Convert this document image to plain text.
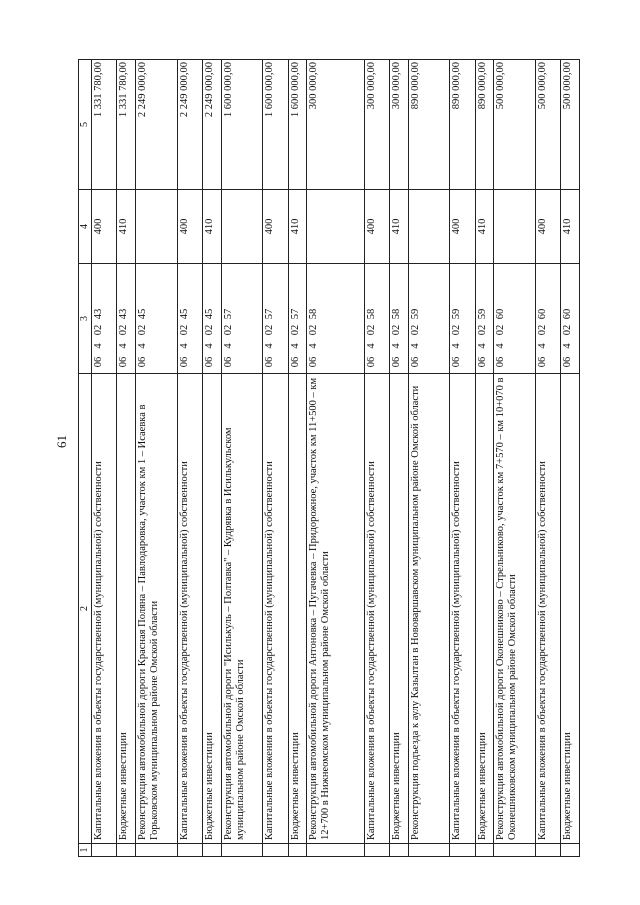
61
1	2	3	4	5
	Капитальные вложения в объекты государственной (муниципальной) собственности	0640243	400	1 331 780,00
	Бюджетные инвестиции	0640243	410	1 331 780,00
	Реконструкция автомобильной дороги Красная Поляна – Павлодаровка, участок км 1 – Исаевка в Горьковском муниципальном районе Омской области	0640245		2 249 000,00
	Капитальные вложения в объекты государственной (муниципальной) собственности	0640245	400	2 249 000,00
	Бюджетные инвестиции	0640245	410	2 249 000,00
	Реконструкция автомобильной дороги "Исилькуль – Полтавка" – Кудрявка в Исилькульском муниципальном районе Омской области	0640257		1 600 000,00
	Капитальные вложения в объекты государственной (муниципальной) собственности	0640257	400	1 600 000,00
	Бюджетные инвестиции	0640257	410	1 600 000,00
	Реконструкция автомобильной дороги Антоновка – Пугачевка – Придорожное, участок км 11+500 – км 12+700 в Нижнеомском муниципальном районе Омской области	0640258		300 000,00
	Капитальные вложения в объекты государственной (муниципальной) собственности	0640258	400	300 000,00
	Бюджетные инвестиции	0640258	410	300 000,00
	Реконструкция подъезда к аулу Казылтан в Нововаршавском муниципальном районе Омской области	0640259		890 000,00
	Капитальные вложения в объекты государственной (муниципальной) собственности	0640259	400	890 000,00
	Бюджетные инвестиции	0640259	410	890 000,00
	Реконструкция автомобильной дороги Оконешниково – Стрельниково, участок км 7+570 – км 10+070 в Оконешниковском муниципальном районе Омской области	0640260		500 000,00
	Капитальные вложения в объекты государственной (муниципальной) собственности	0640260	400	500 000,00
	Бюджетные инвестиции	0640260	410	500 000,00
